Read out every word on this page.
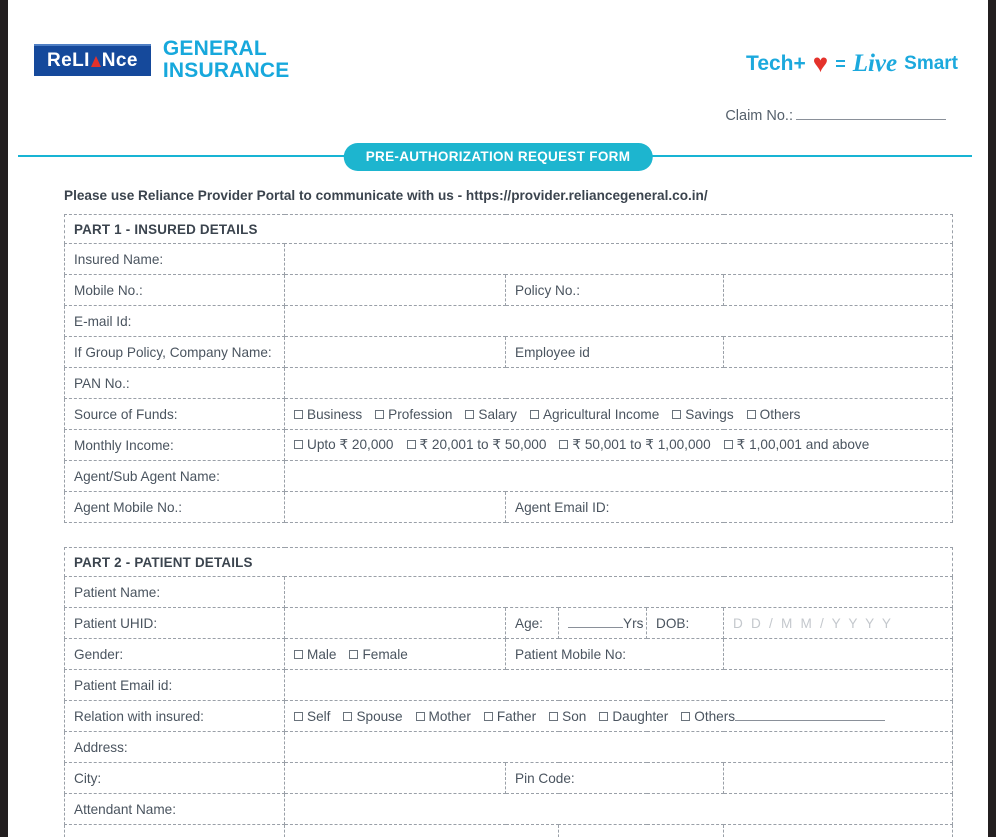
Re LI Nce
GENERAL
INSURANCE	Tech+ ♥ = Live Smart
Claim No.:
PRE-AUTHORIZATION REQUEST FORM
Please use Reliance Provider Portal to communicate with us - https://provider.reliancegeneral.co.in/
PART 1 - INSURED DETAILS			
Insured Name:			
Mobile No.:		Policy No.:	
E-mail Id:			
If Group Policy, Company Name:		Employee id	
PAN No.:			
Source of Funds:	Business Profession Salary Agricultural Income Savings Others		
Monthly Income:	Upto ₹ 20,000 ₹ 20,001 to ₹ 50,000 ₹ 50,001 to ₹ 1,00,000 ₹ 1,00,001 and above		
Agent/Sub Agent Name:			
Agent Mobile No.:		Agent Email ID:	
PART 2 - PATIENT DETAILS					
Patient Name:					
Patient UHID:		Age:	Yrs	DOB:	D D / M M / Y Y Y Y
Gender:	Male Female	Patient Mobile No:			
Patient Email id:					
Relation with insured:	Self Spouse Mother Father Son Daughter Others				
Address:					
City:		Pin Code:			
Attendant Name:					
